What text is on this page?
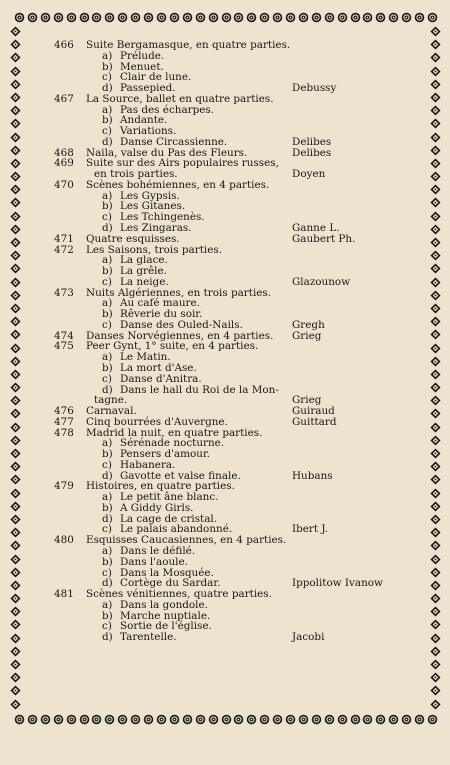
466 Suite Bergamasque, en quatre parties.
a) Prélude.
b) Menuet.
c) Clair de lune.
d) Passepied.	Debussy
467 La Source, ballet en quatre parties.
a) Pas des écharpes.
b) Andante.
c) Variations.
d) Danse Circassienne.	Delibes
468 Naila, valse du Pas des Fleurs.	Delibes
469 Suite sur des Airs populaires russes,
en trois parties.	Doyen
470 Scènes bohémiennes, en 4 parties.
a) Les Gypsis.
b) Les Gitanes.
c) Les Tchingenès.
d) Les Zingaras.	Ganne L.
471 Quatre esquisses.	Gaubert Ph.
472 Les Saisons, trois parties.
a) La glace.
b) La grêle.
c) La neige.	Glazounow
473 Nuits Algériennes, en trois parties.
a) Au café maure.
b) Rêverie du soir.
c) Danse des Ouled-Nails.	Gregh
474 Danses Norvégiennes, en 4 parties. Grieg
475 Peer Gynt, 1° suite, en 4 parties.
a) Le Matin.
b) La mort d'Ase.
c) Danse d'Anitra.
d) Dans le hall du Roi de la Mon-
tagne.	Grieg
476 Carnaval.	Guiraud
477 Cinq bourrées d'Auvergne.	Guittard
478 Madrid la nuit, en quatre parties.
a) Sérénade nocturne.
b) Pensers d'amour.
c) Habanera.
d) Gavotte et valse finale.	Hubans
479 Histoires, en quatre parties.
a) Le petit âne blanc.
b) A Giddy Girls.
d) La cage de cristal.
c) Le palais abandonné.	Ibert J.
480 Esquisses Caucasiennes, en 4 parties.
a) Dans le défilé.
b) Dans l'aoule.
c) Dans la Mosquée.
d) Cortège du Sardar.	Ippolitow Ivanow
481 Scènes vénitiennes, quatre parties.
a) Dans la gondole.
b) Marche nuptiale.
c) Sortie de l'église.
d) Tarentelle.	Jacobi
